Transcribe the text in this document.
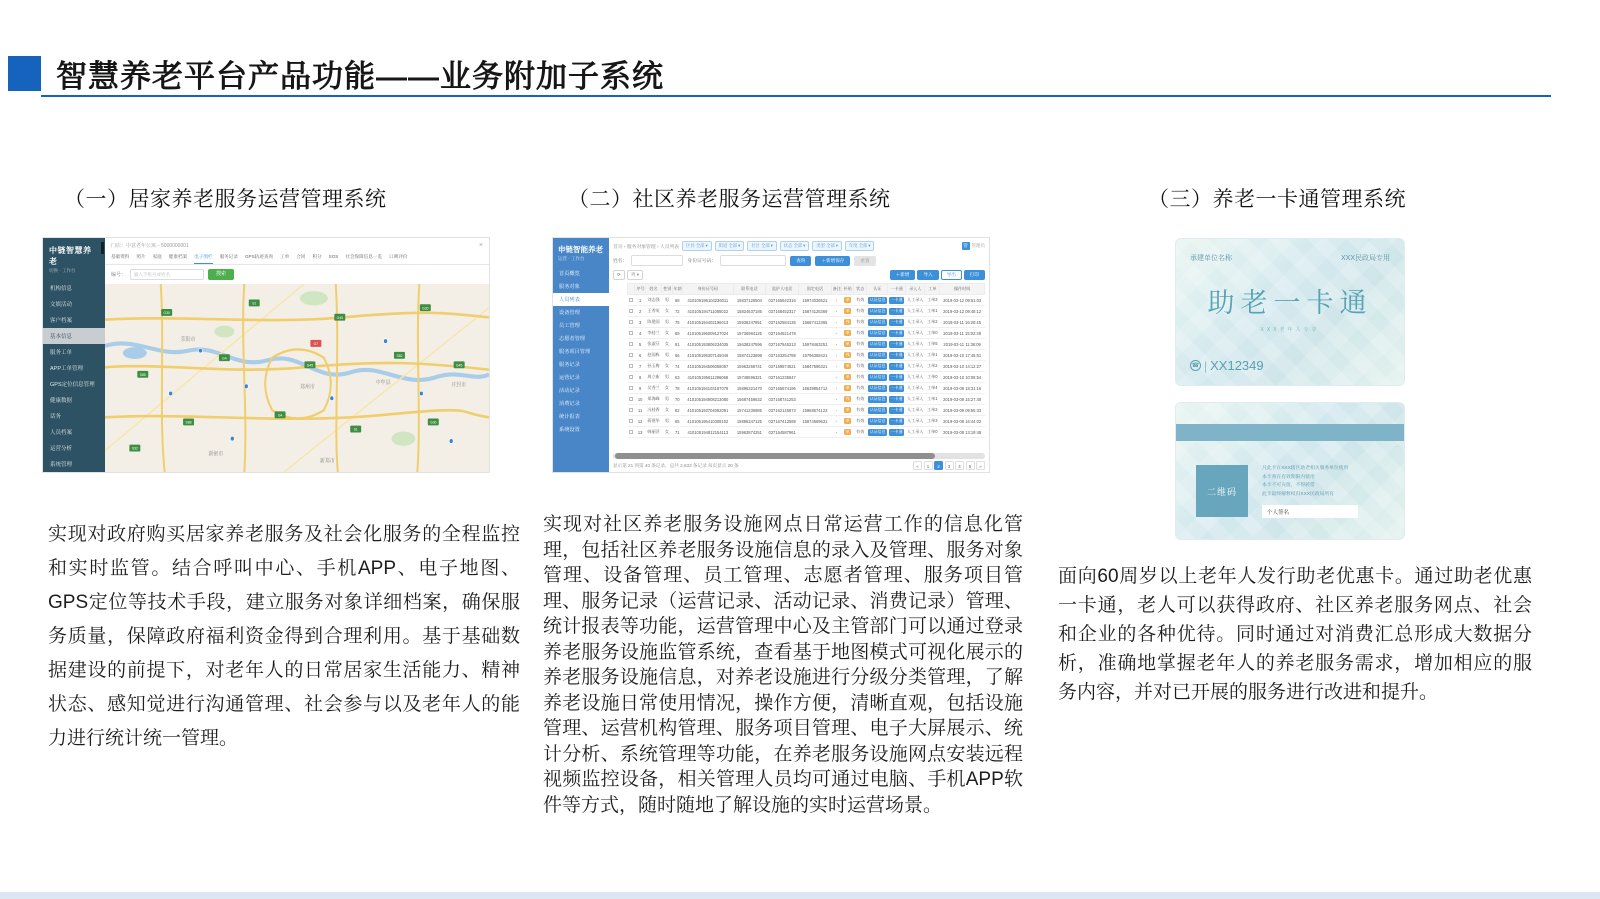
智慧养老平台产品功能——业务附加子系统
（一）居家养老服务运营管理系统	（二）社区养老服务运营管理系统	（三）养老一卡通管理系统
中链智慧养老
切换 · 工作台
机构信息
文娱活动
客户档案
基本信息
服务工单
APP工单管理
GPS定位信息管理
健康数据
话务
人员档案
运营分析
系统管理
门店：中意老年公寓－5000000001	×
基础资料 照片 家庭 健康档案 电子围栏 服务记录 GPS轨迹查询 工单 合同 积分 SOS 社会保障信息一览 口碑评价
编号：
输入手机号或姓名	搜索
G30
S1
G45
G30
S85
G4
G45
S82
G45
S88
G4
S1
G30
S32
G7
荥阳市
郑州市
中牟县	开封市
新密市
新郑市
申链智能养老
运营 · 工作台
首页概览
服务对象
人员列表
设备管理
员工管理
志愿者管理
服务项目管理
服务记录
运营记录
活动记录
消费记录
统计报表
系统设置
首页 › 服务对象管理 › 人员列表	区县 全部 ▾	街道 全部 ▾	社区 全部 ▾	状态 全部 ▾	类型 全部 ▾	年度 全部 ▾	管 管理员
姓名：	身份证号码：	查询	＋新增保存	重置
⟳	列 ▾	＋新增	导入	导出	打印
	序号	姓名	性别	年龄	身份证号码	联系电话	监护人电话	固定电话	备注	补贴	状态	认证	一卡通	录入人	工单	操作时间

	1	刘志强	男	68	410105195104236011	15837126504	037165842316	15974036521	-	单	有效	认证信息	一卡通	人工录入	工单3	2019-03-12 09:51:03

	2	王秀英	女	72	410105194711085022	15824637185	037168452317	15874125369	-	单	有效	认证信息	一卡通	人工录入	工单1	2019-03-12 09:48:12

	3	陈建国	男	75	410105194402196013	15936247851	037162584136	15687412365	-	残	有效	认证信息	一卡通	人工录入	工单2	2019-03-11 16:20:45

	4	李桂兰	女	69	410105195009127024	15736984125	037164521478		-	单	有效	认证信息	一卡通	人工录入	工单0	2019-03-11 15:02:38

	5	张淑芬	女	81	410105193806234035	15638247596	037167845213	15978463251	-	单	有效	认证信息	一卡通	人工录入	工单5	2019-03-11 11:36:09

	6	赵国栋	男	66	410105195307145046	15874123698	037163254789	15796358421	-	残	有效	认证信息	一卡通	人工录入	工单1	2019-03-10 17:45:51

	7	孙玉梅	女	74	410105194506058057	15963258741	037169874521	15847596321	-	单	有效	认证信息	一卡通	人工录入	工单2	2019-03-10 14:12:27

	8	周立新	男	63	410105195611296068	15748596321	037161235847		-	单	有效	认证信息	一卡通	人工录入	工单0	2019-03-10 10:08:54

	9	吴秀兰	女	78	410105194103187079	15896321470	037165874196	15639854712	-	单	有效	认证信息	一卡通	人工录入	工单4	2019-03-09 18:31:16

	10	郑海峰	男	70	410105194908213080	15687459632	037168741253		-	残	有效	认证信息	一卡通	人工录入	工单1	2019-03-09 15:27:40

	11	冯桂香	女	82	410105193704092091	15741236985	037162145873	15968574123	-	单	有效	认证信息	一卡通	人工录入	工单2	2019-03-09 09:55:33

	12	蒋建华	男	65	410105195410308102	15896347125	037167412589	15874569631	-	单	有效	认证信息	一卡通	人工录入	工单3	2019-03-08 16:44:02

	13	韩丽萍	女	71	410105194812154113	15963874251	037164587961		-	单	有效	认证信息	一卡通	人工录入	工单0	2019-03-08 13:19:48
显示第 21 到第 40 条记录，总共 2,633 条记录 每页显示 20 条	«	1	2	3	4	5	»
承建单位名称	XXX民政局专用
助老一卡通
XXX老年人专享
☎ | XX12349
二维码
凡此卡在XXX辖区助老相关服务单位使用
本卡须在有效期限内使用
本卡不可充值，不得转借
此卡最终解释权归XXX民政局所有
个人签名

实现对政府购买居家养老服务及社会化服务的全程监控和实时监管。结合呼叫中心、手机APP、电子地图、GPS定位等技术手段，建立服务对象详细档案，确保服务质量，保障政府福利资金得到合理利用。基于基础数据建设的前提下，对老年人的日常居家生活能力、精神状态、感知觉进行沟通管理、社会参与以及老年人的能力进行统计统一管理。

实现对社区养老服务设施网点日常运营工作的信息化管理，包括社区养老服务设施信息的录入及管理、服务对象管理、设备管理、员工管理、志愿者管理、服务项目管理、服务记录（运营记录、活动记录、消费记录）管理、统计报表等功能，运营管理中心及主管部门可以通过登录养老服务设施监管系统，查看基于地图模式可视化展示的养老服务设施信息，对养老设施进行分级分类管理，了解养老设施日常使用情况，操作方便，清晰直观，包括设施管理、运营机构管理、服务项目管理、电子大屏展示、统计分析、系统管理等功能，在养老服务设施网点安装远程视频监控设备，相关管理人员均可通过电脑、手机APP软件等方式，随时随地了解设施的实时运营场景。

面向60周岁以上老年人发行助老优惠卡。通过助老优惠一卡通，老人可以获得政府、社区养老服务网点、社会和企业的各种优待。同时通过对消费汇总形成大数据分析，准确地掌握老年人的养老服务需求，增加相应的服务内容，并对已开展的服务进行改进和提升。
